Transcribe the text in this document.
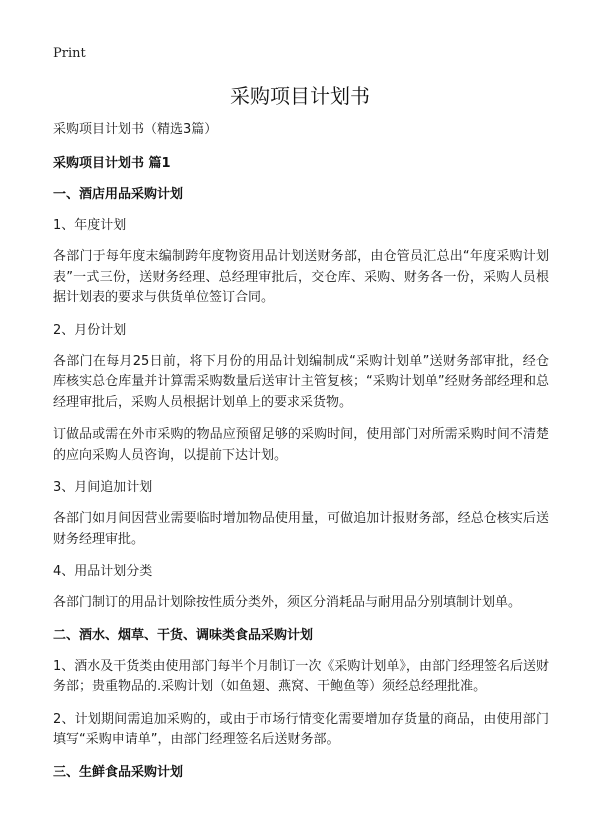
Print
采购项目计划书

采购项目计划书（精选3篇）

采购项目计划书 篇1

一、酒店用品采购计划

1、年度计划

各部门于每年度末编制跨年度物资用品计划送财务部，由仓管员汇总出“年度采购计划表”一式三份，送财务经理、总经理审批后，交仓库、采购、财务各一份，采购人员根据计划表的要求与供货单位签订合同。

2、月份计划

各部门在每月25日前，将下月份的用品计划编制成“采购计划单”送财务部审批，经仓库核实总仓库量并计算需采购数量后送审计主管复核；“采购计划单”经财务部经理和总经理审批后，采购人员根据计划单上的要求采货物。

订做品或需在外市采购的物品应预留足够的采购时间，使用部门对所需采购时间不清楚的应向采购人员咨询，以提前下达计划。

3、月间追加计划

各部门如月间因营业需要临时增加物品使用量，可做追加计报财务部，经总仓核实后送财务经理审批。

4、用品计划分类

各部门制订的用品计划除按性质分类外，须区分消耗品与耐用品分别填制计划单。

二、酒水、烟草、干货、调味类食品采购计划

1、酒水及干货类由使用部门每半个月制订一次《采购计划单》，由部门经理签名后送财务部；贵重物品的.采购计划（如鱼翅、燕窝、干鲍鱼等）须经总经理批准。

2、计划期间需追加采购的，或由于市场行情变化需要增加存货量的商品，由使用部门填写“采购申请单”，由部门经理签名后送财务部。

三、生鲜食品采购计划
